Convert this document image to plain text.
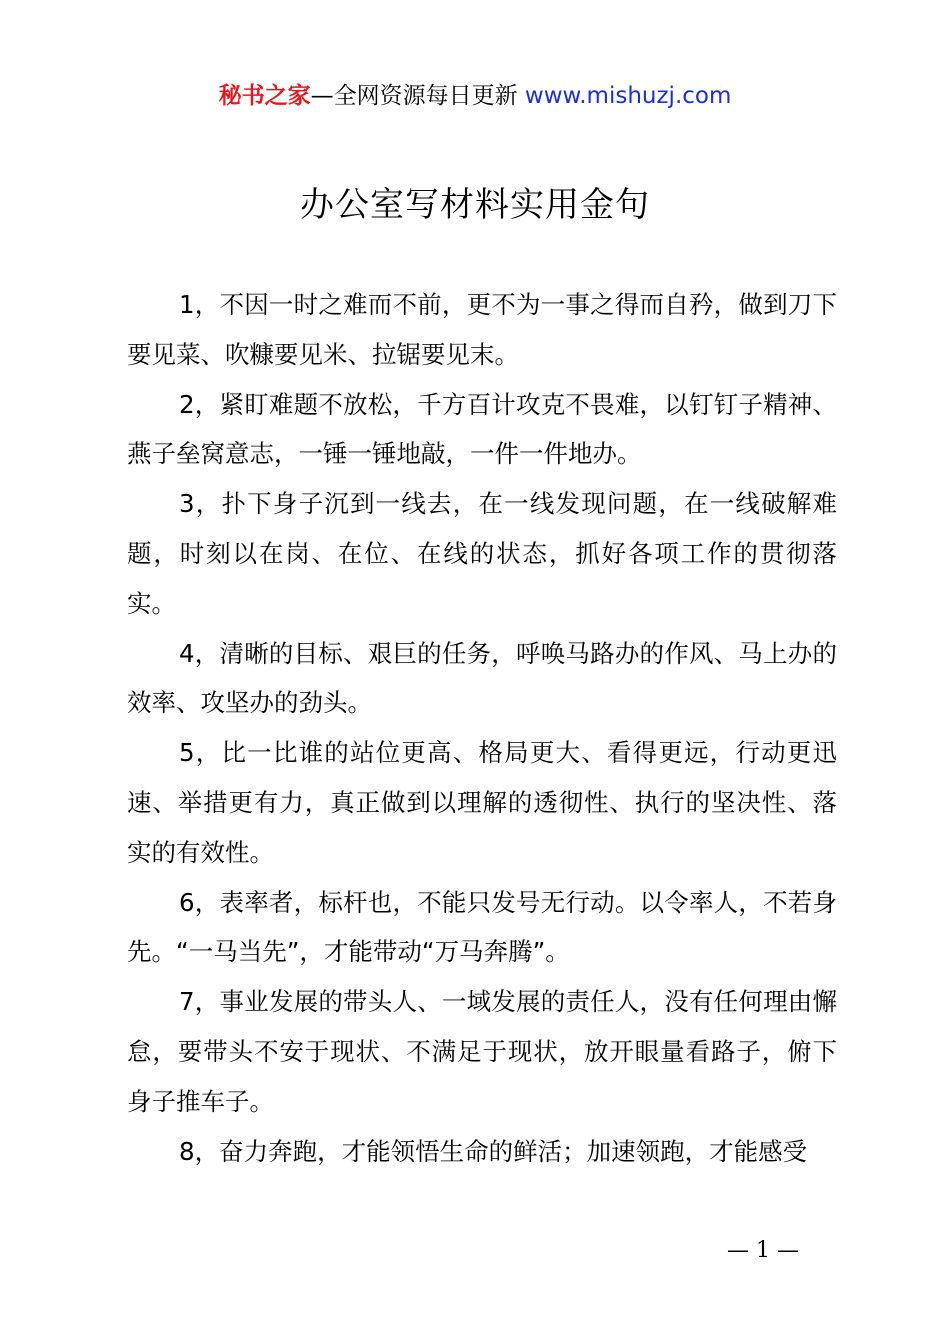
秘书之家—全网资源每日更新 www.mishuzj.com
办公室写材料实用金句

1，不因一时之难而不前，更不为一事之得而自矜，做到刀下要见菜、吹糠要见米、拉锯要见末。

2，紧盯难题不放松，千方百计攻克不畏难，以钉钉子精神、燕子垒窝意志，一锤一锤地敲，一件一件地办。

3，扑下身子沉到一线去，在一线发现问题，在一线破解难题，时刻以在岗、在位、在线的状态，抓好各项工作的贯彻落实。

4，清晰的目标、艰巨的任务，呼唤马路办的作风、马上办的效率、攻坚办的劲头。

5，比一比谁的站位更高、格局更大、看得更远，行动更迅速、举措更有力，真正做到以理解的透彻性、执行的坚决性、落实的有效性。

6，表率者，标杆也，不能只发号无行动。以令率人，不若身先。“一马当先”，才能带动“万马奔腾”。

7，事业发展的带头人、一域发展的责任人，没有任何理由懈怠，要带头不安于现状、不满足于现状，放开眼量看路子，俯下身子推车子。

8，奋力奔跑，才能领悟生命的鲜活；加速领跑，才能感受

— 1 —
